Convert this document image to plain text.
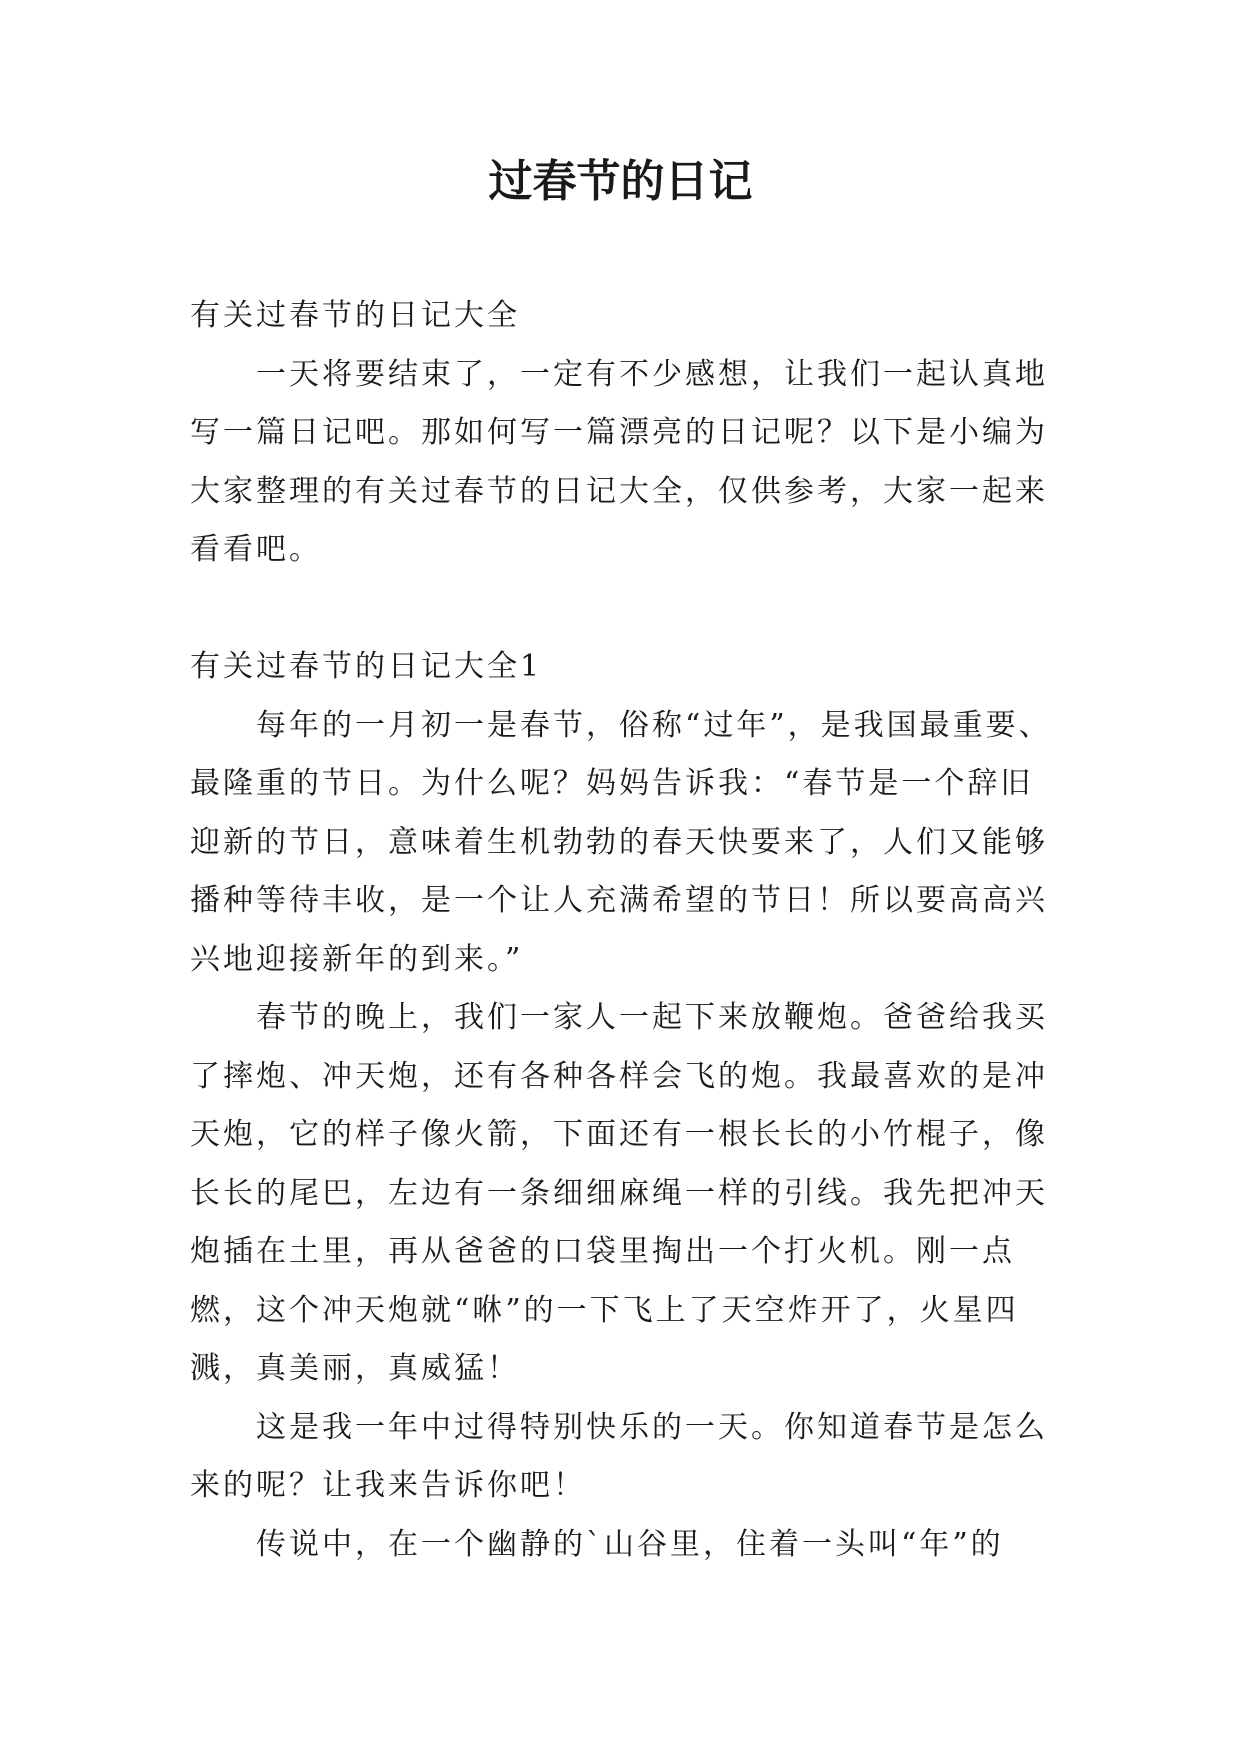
过春节的日记

有关过春节的日记大全

一天将要结束了，一定有不少感想，让我们一起认真地写一篇日记吧。那如何写一篇漂亮的日记呢？以下是小编为大家整理的有关过春节的日记大全，仅供参考，大家一起来看看吧。

有关过春节的日记大全1

每年的一月初一是春节，俗称“过年”，是我国最重要、最隆重的节日。为什么呢？妈妈告诉我：“春节是一个辞旧迎新的节日，意味着生机勃勃的春天快要来了，人们又能够播种等待丰收，是一个让人充满希望的节日！所以要高高兴兴地迎接新年的到来。”

春节的晚上，我们一家人一起下来放鞭炮。爸爸给我买了摔炮、冲天炮，还有各种各样会飞的炮。我最喜欢的是冲天炮，它的样子像火箭，下面还有一根长长的小竹棍子，像长长的尾巴，左边有一条细细麻绳一样的引线。我先把冲天炮插在土里，再从爸爸的口袋里掏出一个打火机。刚一点燃，这个冲天炮就“咻”的一下飞上了天空炸开了，火星四溅，真美丽，真威猛！

这是我一年中过得特别快乐的一天。你知道春节是怎么来的呢？让我来告诉你吧！

传说中，在一个幽静的`山谷里，住着一头叫“年”的
